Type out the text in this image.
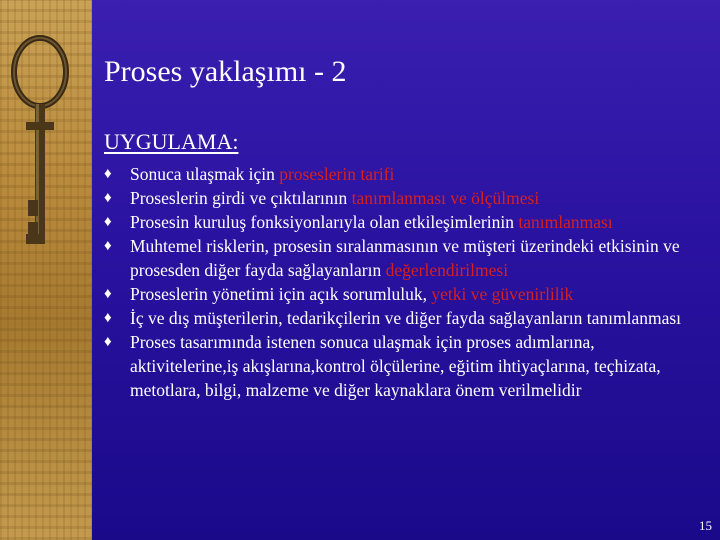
Proses yaklaşımı - 2
UYGULAMA:
♦ Sonuca ulaşmak için proseslerin tarifi
♦ Proseslerin girdi ve çıktılarının tanımlanması ve ölçülmesi
♦ Prosesin kuruluş fonksiyonlarıyla olan etkileşimlerinin tanımlanması
♦ Muhtemel risklerin, prosesin sıralanmasının ve müşteri üzerindeki etkisinin ve prosesden diğer fayda sağlayanların değerlendirilmesi
♦ Proseslerin yönetimi için açık sorumluluk, yetki ve güvenirlilik
♦ İç ve dış müşterilerin, tedarikçilerin ve diğer fayda sağlayanların tanımlanması
♦ Proses tasarımında istenen sonuca ulaşmak için proses adımlarına, aktivitelerine,iş akışlarına,kontrol ölçülerine, eğitim ihtiyaçlarına, teçhizata, metotlara, bilgi, malzeme ve diğer kaynaklara önem verilmelidir
15
